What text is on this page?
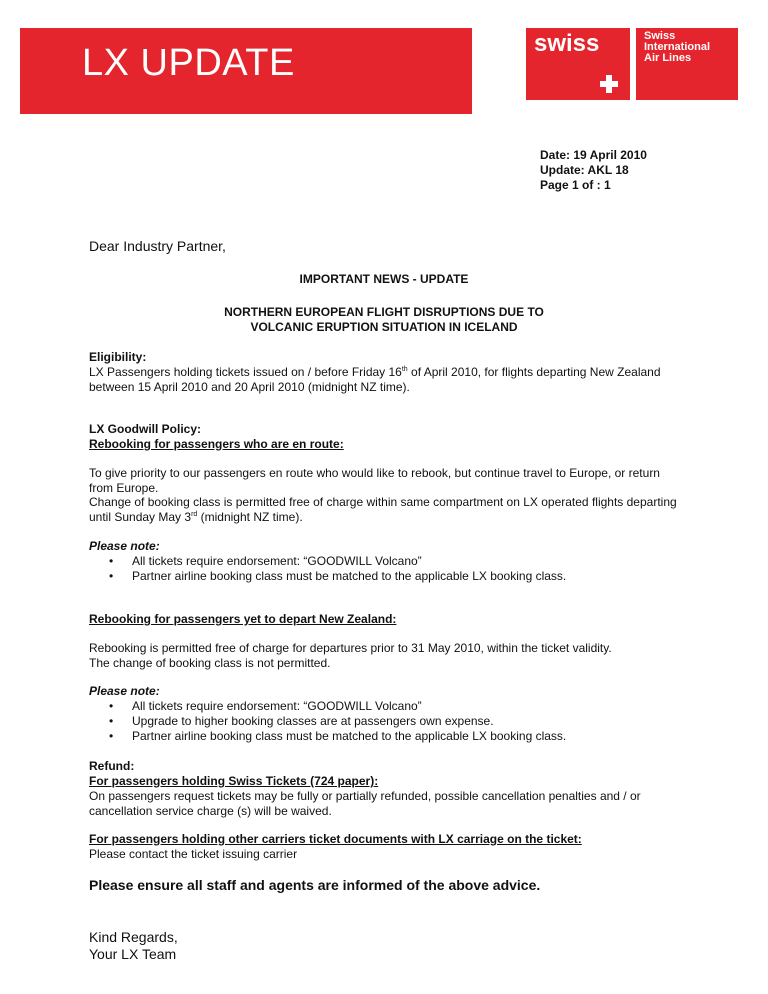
LX UPDATE	swiss	Swiss
International
Air Lines
Date: 19 April 2010
Update: AKL 18
Page 1 of : 1
Dear Industry Partner,
IMPORTANT NEWS - UPDATE
NORTHERN EUROPEAN FLIGHT DISRUPTIONS DUE TO
VOLCANIC ERUPTION SITUATION IN ICELAND
Eligibility:
LX Passengers holding tickets issued on / before Friday 16th of April 2010, for flights departing New Zealand between 15 April 2010 and 20 April 2010 (midnight NZ time).
LX Goodwill Policy:
Rebooking for passengers who are en route:
To give priority to our passengers en route who would like to rebook, but continue travel to Europe, or return from Europe.
Change of booking class is permitted free of charge within same compartment on LX operated flights departing until Sunday May 3rd (midnight NZ time).
Please note:
• All tickets require endorsement: “GOODWILL Volcano”
• Partner airline booking class must be matched to the applicable LX booking class.
Rebooking for passengers yet to depart New Zealand:
Rebooking is permitted free of charge for departures prior to 31 May 2010, within the ticket validity.
The change of booking class is not permitted.
Please note:
• All tickets require endorsement: “GOODWILL Volcano”
• Upgrade to higher booking classes are at passengers own expense.
• Partner airline booking class must be matched to the applicable LX booking class.
Refund:
For passengers holding Swiss Tickets (724 paper):
On passengers request tickets may be fully or partially refunded, possible cancellation penalties and / or cancellation service charge (s) will be waived.
For passengers holding other carriers ticket documents with LX carriage on the ticket:
Please contact the ticket issuing carrier
Please ensure all staff and agents are informed of the above advice.
Kind Regards,
Your LX Team
